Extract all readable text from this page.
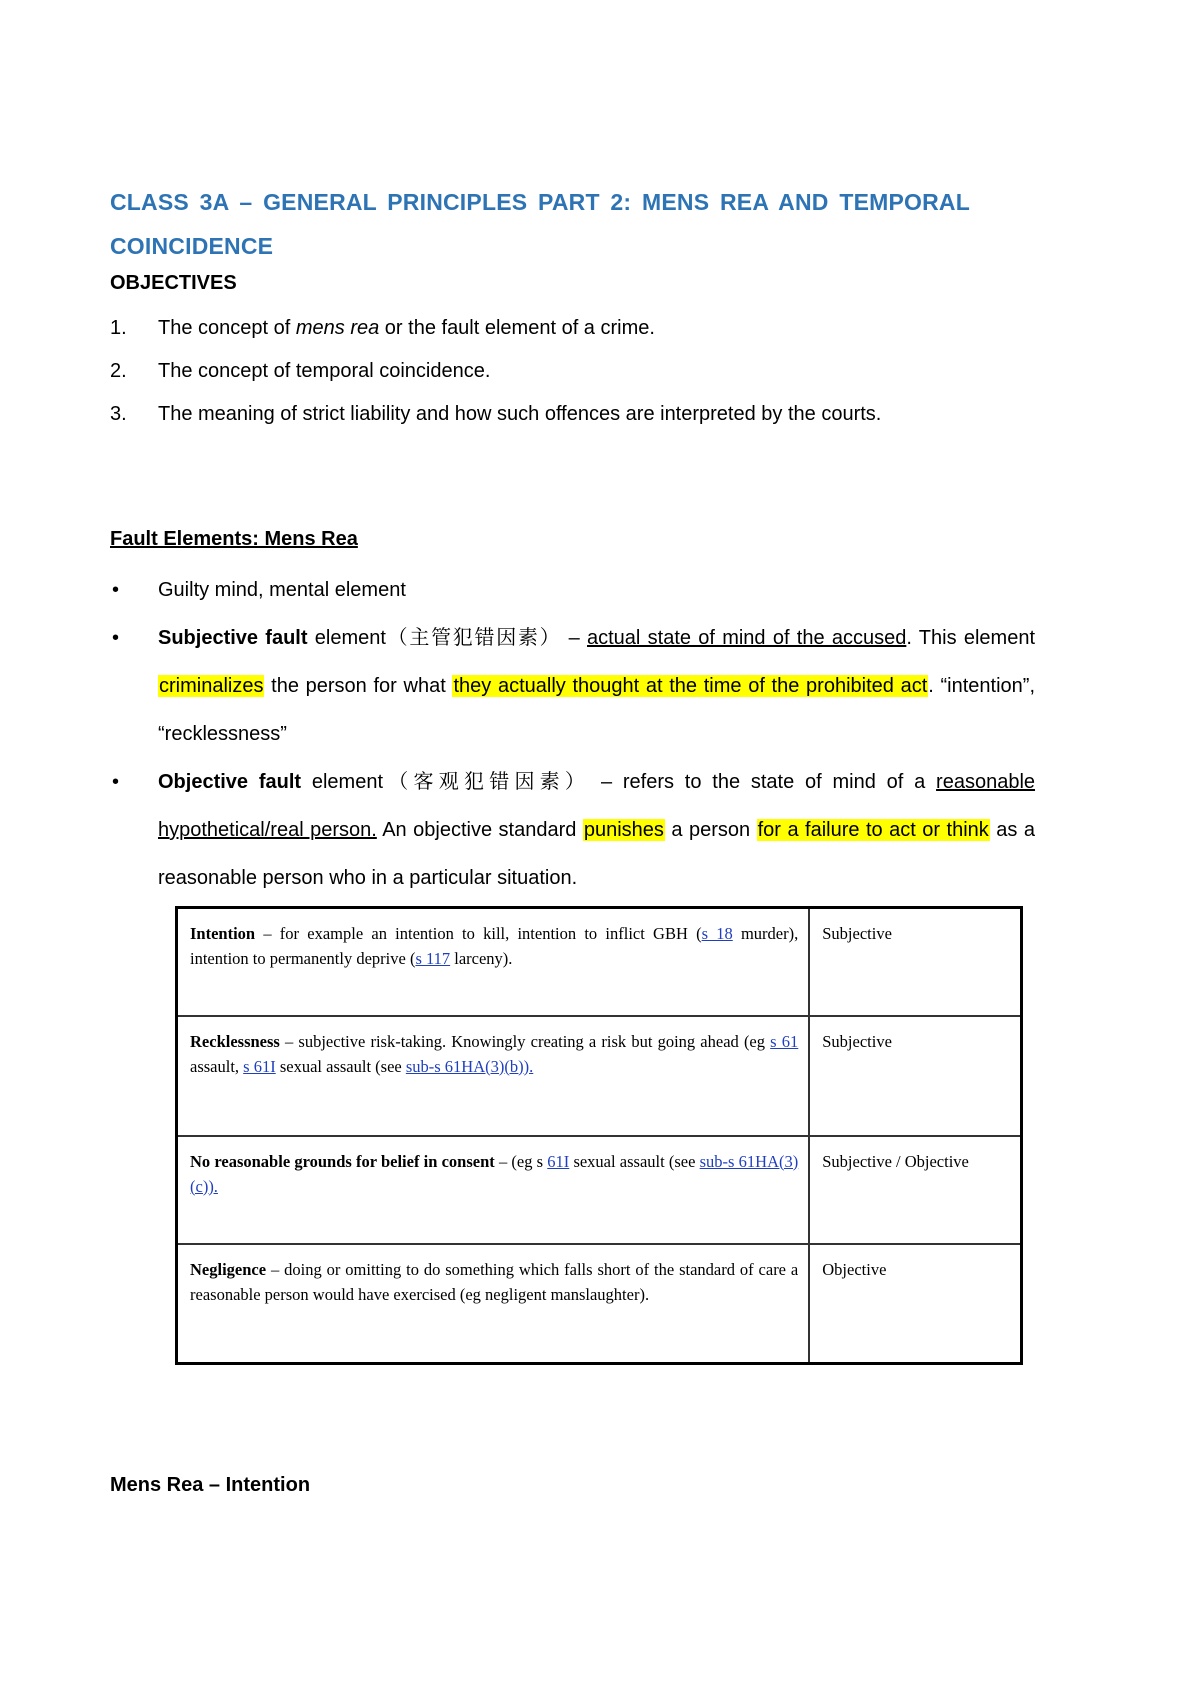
CLASS 3A – GENERAL PRINCIPLES PART 2: MENS REA AND TEMPORAL COINCIDENCE
OBJECTIVES
1. The concept of mens rea or the fault element of a crime.
2. The concept of temporal coincidence.
3. The meaning of strict liability and how such offences are interpreted by the courts.
Fault Elements: Mens Rea
• Guilty mind, mental element
• Subjective fault element（主管犯错因素） – actual state of mind of the accused. This element criminalizes the person for what they actually thought at the time of the prohibited act. “intention”, “recklessness”
• Objective fault element（客观犯错因素） – refers to the state of mind of a reasonable hypothetical/real person. An objective standard punishes a person for a failure to act or think as a reasonable person who in a particular situation.
Intention – for example an intention to kill, intention to inflict GBH (s 18 murder), intention to permanently deprive (s 117 larceny).	Subjective
Recklessness – subjective risk-taking. Knowingly creating a risk but going ahead (eg s 61 assault, s 61I sexual assault (see sub-s 61HA(3)(b)).	Subjective
No reasonable grounds for belief in consent – (eg s 61I sexual assault (see sub-s 61HA(3)(c)).	Subjective / Objective
Negligence – doing or omitting to do something which falls short of the standard of care a reasonable person would have exercised (eg negligent manslaughter).	Objective
Mens Rea – Intention
